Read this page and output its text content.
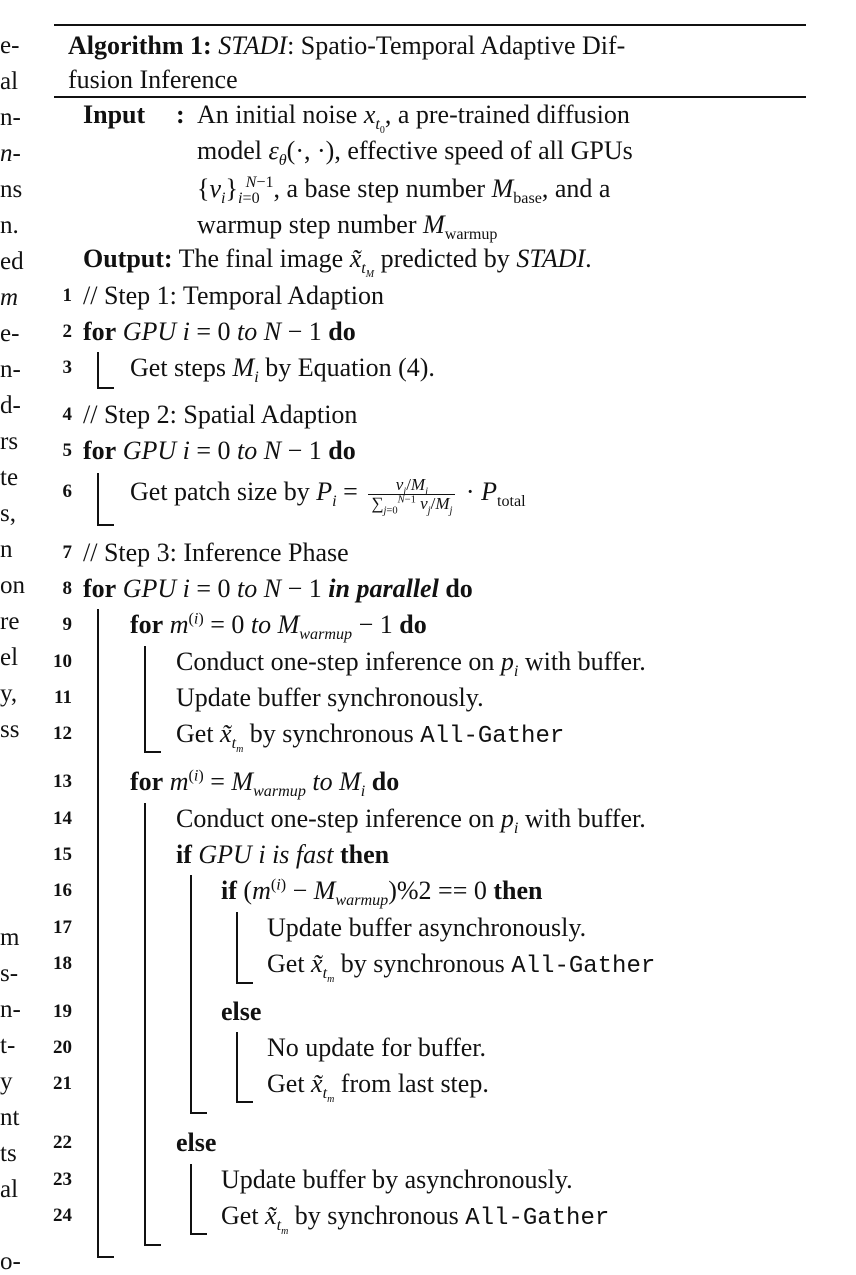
e-
al
n-
n-
ns
n.
ed
m
e-
n-
d-
rs
te
s,
n
on
re
el
y,
ss
m
s-
n-
t-
y
nt
ts
al
o-
Algorithm 1: STADI: Spatio-Temporal Adaptive Dif-
fusion Inference
Input : An initial noise $x_{t_0}$, a pre-trained diffusion
model $\varepsilon_\theta(\cdot$, ·), effective speed of all GPUs
$\{v_i\}_{i=0}^{N-1}$, a base step number $M_{base}$, and a
warmup step number $M_{warmup}$
Output: The final image $x̃_{t_M}$ predicted by STADI.
1
2
3
4
5
6
7
8
9
10
11
12
13
14
15
16
17
18
19
20
21
22
23
24
// Step 1: Temporal Adaption
for GPU i = 0 to N − 1 do
Get steps $M_i$ by Equation (4).
// Step 2: Spatial Adaption
for GPU i = 0 to N − 1 do
Get patch size by $P_i = \frac{v_i/M_i}{\sum_{j=0}^{N-1} v_j/M_j} \cdot P_{total}$
// Step 3: Inference Phase
for GPU i = 0 to N − 1 in parallel do
for $m^{(i)} = 0$ to $M_{warmup} - 1$ do
Conduct one-step inference on $p_i$ with buffer.
Update buffer synchronously.
Get $x̃_{t_m}$ by synchronous All-Gather
for $m^{(i)} = M_{warmup}$ to $M_i$ do
Conduct one-step inference on $p_i$ with buffer.
if GPU i is fast then
if $(m^{(i)} - M_{warmup})\%2 == 0$ then
Update buffer asynchronously.
Get $x̃_{t_m}$ by synchronous All-Gather
else
No update for buffer.
Get $x̃_{t_m}$ from last step.
else
Update buffer by asynchronously.
Get $x̃_{t_m}$ by synchronous All-Gather
